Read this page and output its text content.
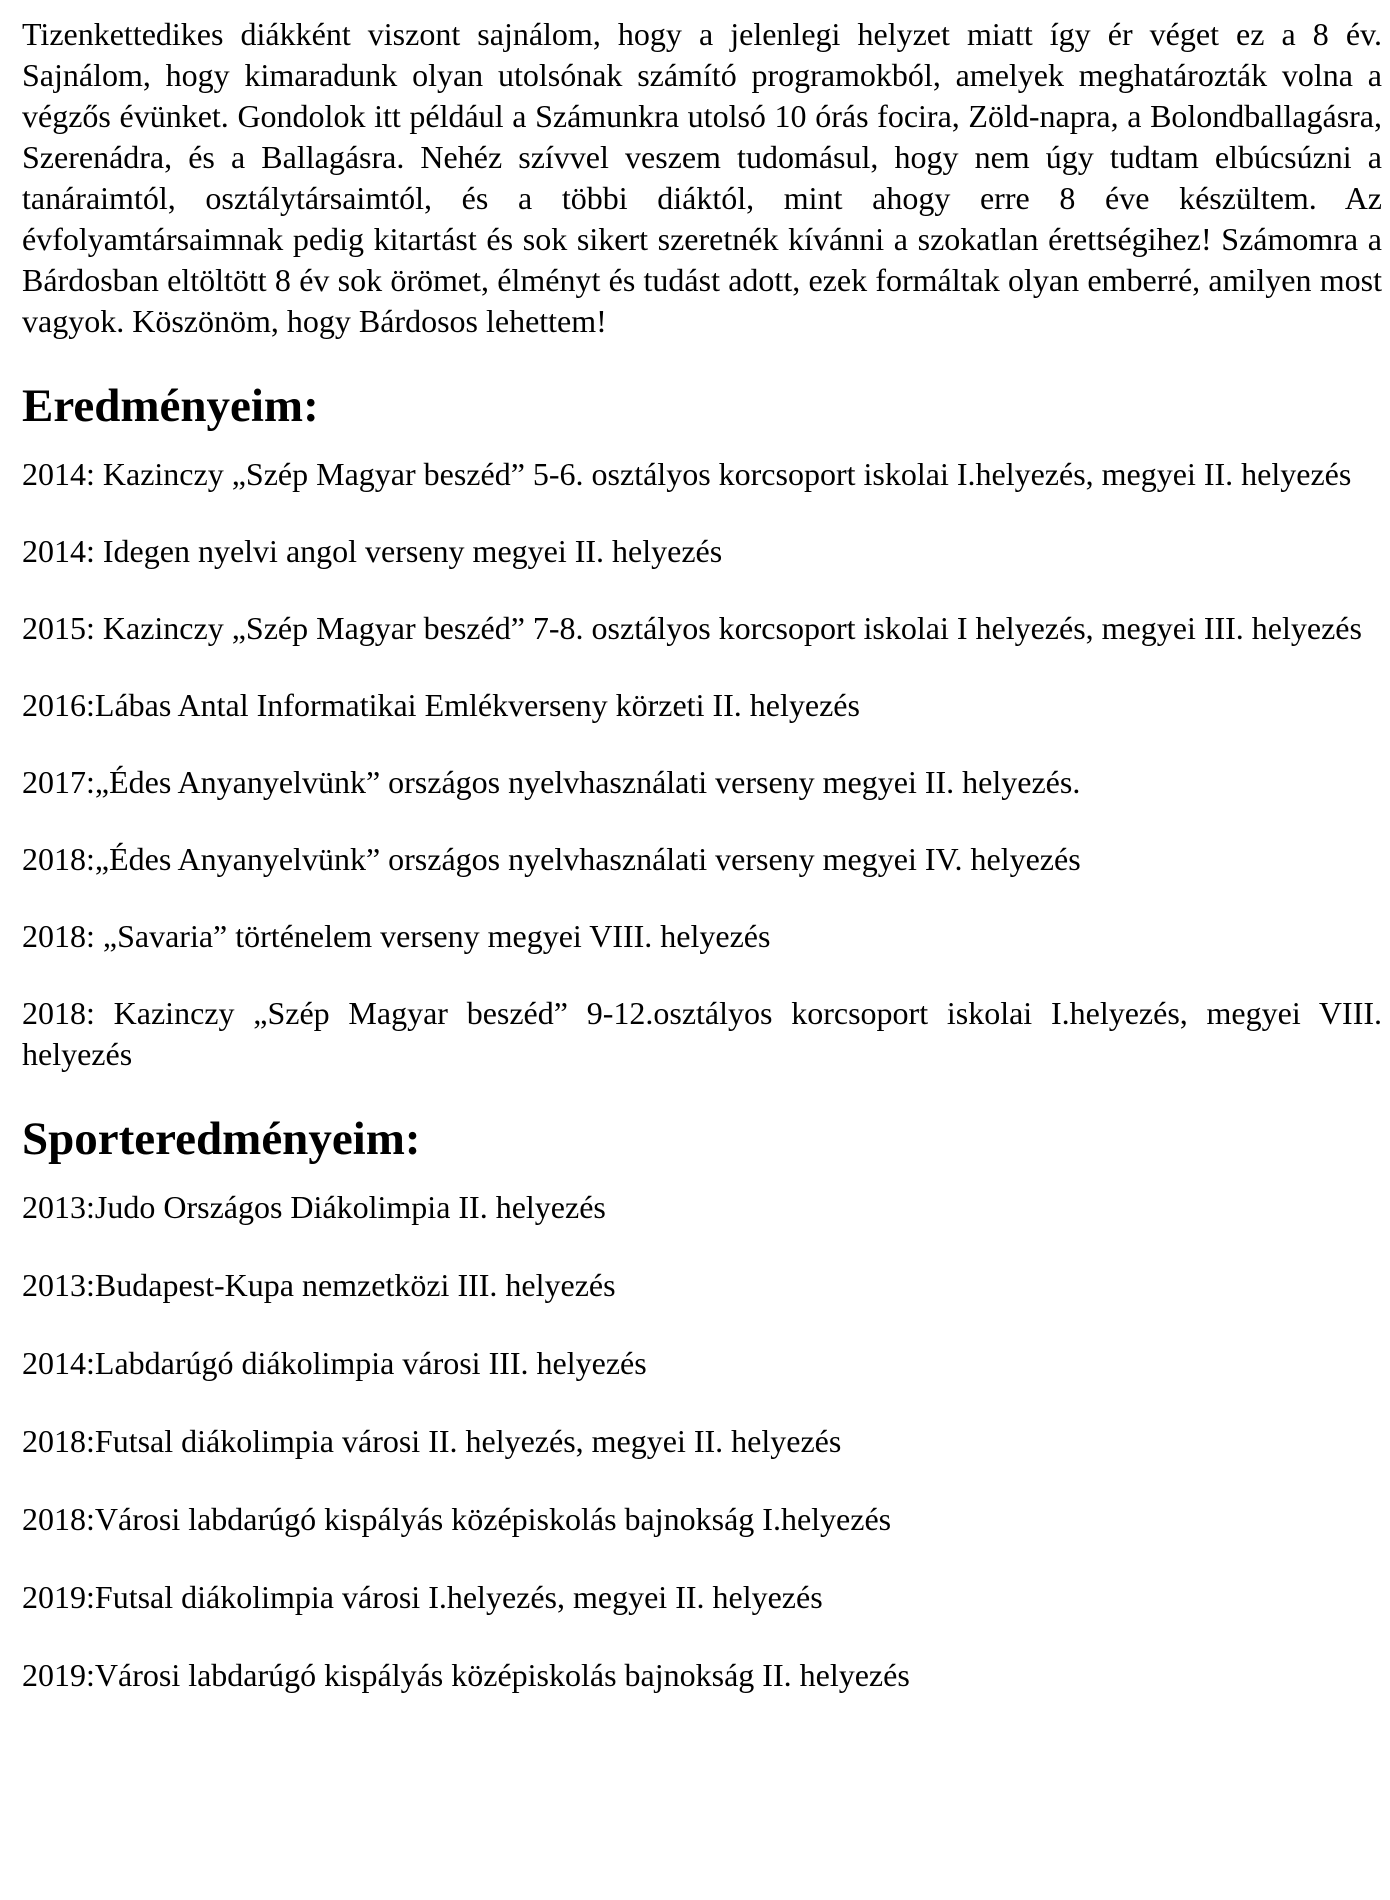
Tizenkettedikes diákként viszont sajnálom, hogy a jelenlegi helyzet miatt így ér véget ez a 8 év. Sajnálom, hogy kimaradunk olyan utolsónak számító programokból, amelyek meghatározták volna a végzős évünket. Gondolok itt például a Számunkra utolsó 10 órás focira, Zöld-napra, a Bolondballagásra, Szerenádra, és a Ballagásra. Nehéz szívvel veszem tudomásul, hogy nem úgy tudtam elbúcsúzni a tanáraimtól, osztálytársaimtól, és a többi diáktól, mint ahogy erre 8 éve készültem. Az évfolyamtársaimnak pedig kitartást és sok sikert szeretnék kívánni a szokatlan érettségihez! Számomra a Bárdosban eltöltött 8 év sok örömet, élményt és tudást adott, ezek formáltak olyan emberré, amilyen most vagyok. Köszönöm, hogy Bárdosos lehettem!

Eredményeim:
2014: Kazinczy „Szép Magyar beszéd” 5-6. osztályos korcsoport iskolai I.helyezés, megyei II. helyezés
2014: Idegen nyelvi angol verseny megyei II. helyezés
2015: Kazinczy „Szép Magyar beszéd” 7-8. osztályos korcsoport iskolai I helyezés, megyei III. helyezés
2016:Lábas Antal Informatikai Emlékverseny körzeti II. helyezés
2017:„Édes Anyanyelvünk” országos nyelvhasználati verseny megyei II. helyezés.
2018:„Édes Anyanyelvünk” országos nyelvhasználati verseny megyei IV. helyezés
2018: „Savaria” történelem verseny megyei VIII. helyezés
2018: Kazinczy „Szép Magyar beszéd” 9-12.osztályos korcsoport iskolai I.helyezés, megyei VIII. helyezés
Sporteredményeim:
2013:Judo Országos Diákolimpia II. helyezés
2013:Budapest-Kupa nemzetközi III. helyezés
2014:Labdarúgó diákolimpia városi III. helyezés
2018:Futsal diákolimpia városi II. helyezés, megyei II. helyezés
2018:Városi labdarúgó kispályás középiskolás bajnokság I.helyezés
2019:Futsal diákolimpia városi I.helyezés, megyei II. helyezés
2019:Városi labdarúgó kispályás középiskolás bajnokság II. helyezés
